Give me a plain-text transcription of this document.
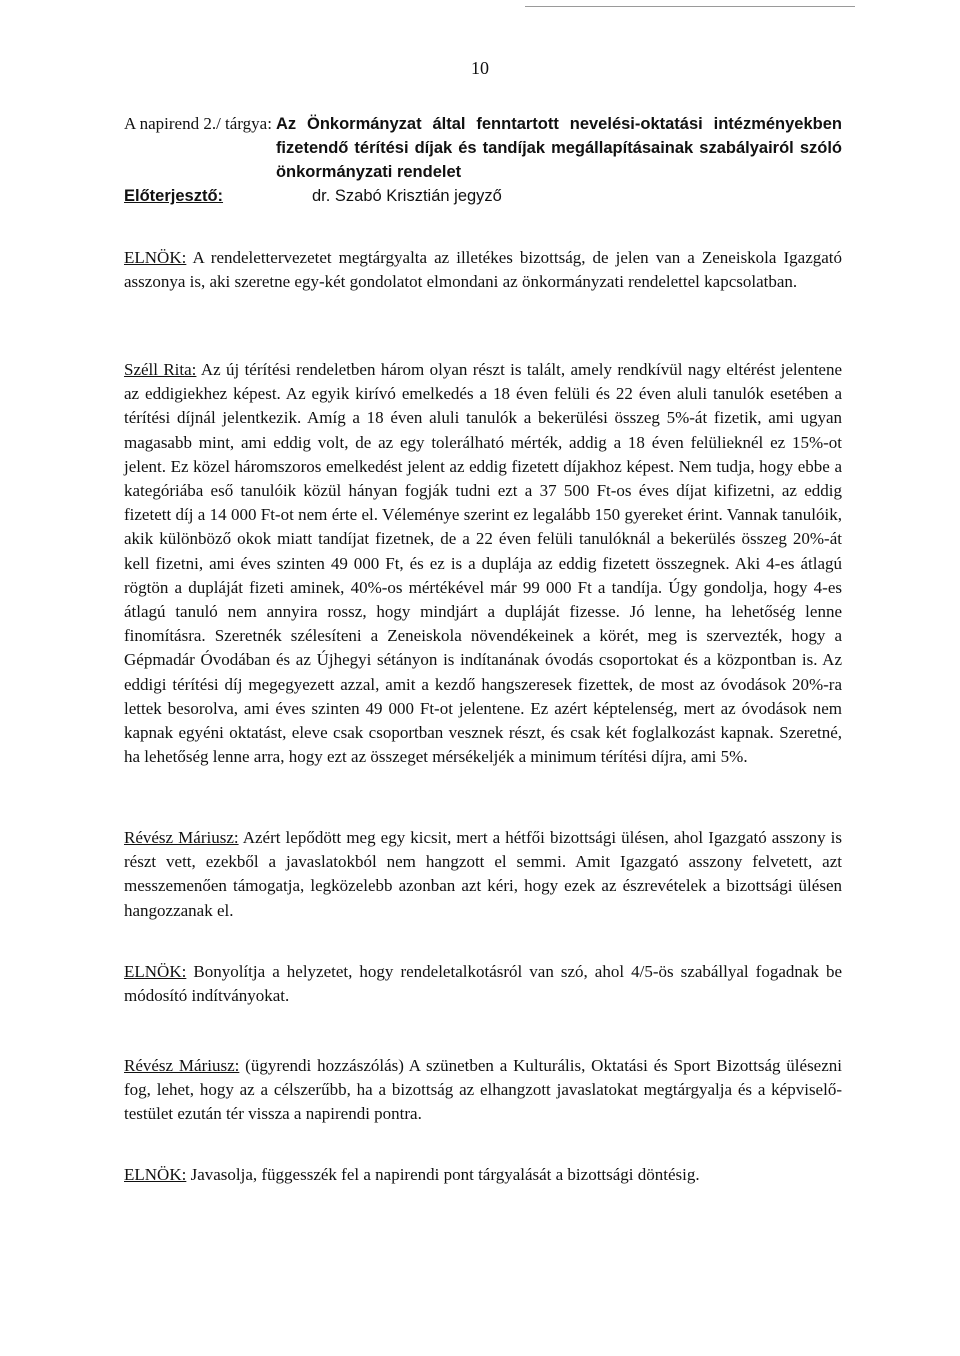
10
A napirend 2./ tárgya: Az Önkormányzat által fenntartott nevelési-oktatási intézményekben fizetendő térítési díjak és tandíjak megállapításainak szabályairól szóló önkormányzati rendelet
Előterjesztő:	dr. Szabó Krisztián jegyző
ELNÖK: A rendelettervezetet megtárgyalta az illetékes bizottság, de jelen van a Zeneiskola Igazgató asszonya is, aki szeretne egy-két gondolatot elmondani az önkormányzati rendelettel kapcsolatban.
Széll Rita: Az új térítési rendeletben három olyan részt is talált, amely rendkívül nagy eltérést jelentene az eddigiekhez képest. Az egyik kirívó emelkedés a 18 éven felüli és 22 éven aluli tanulók esetében a térítési díjnál jelentkezik. Amíg a 18 éven aluli tanulók a bekerülési összeg 5%-át fizetik, ami ugyan magasabb mint, ami eddig volt, de az egy tolerálható mérték, addig a 18 éven felülieknél ez 15%-ot jelent. Ez közel háromszoros emelkedést jelent az eddig fizetett díjakhoz képest. Nem tudja, hogy ebbe a kategóriába eső tanulóik közül hányan fogják tudni ezt a 37 500 Ft-os éves díjat kifizetni, az eddig fizetett díj a 14 000 Ft-ot nem érte el. Véleménye szerint ez legalább 150 gyereket érint. Vannak tanulóik, akik különböző okok miatt tandíjat fizetnek, de a 22 éven felüli tanulóknál a bekerülés összeg 20%-át kell fizetni, ami éves szinten 49 000 Ft, és ez is a duplája az eddig fizetett összegnek. Aki 4-es átlagú rögtön a dupláját fizeti aminek, 40%-os mértékével már 99 000 Ft a tandíja. Úgy gondolja, hogy 4-es átlagú tanuló nem annyira rossz, hogy mindjárt a dupláját fizesse. Jó lenne, ha lehetőség lenne finomításra. Szeretnék szélesíteni a Zeneiskola növendékeinek a körét, meg is szervezték, hogy a Gépmadár Óvodában és az Újhegyi sétányon is indítanának óvodás csoportokat és a központban is. Az eddigi térítési díj megegyezett azzal, amit a kezdő hangszeresek fizettek, de most az óvodások 20%-ra lettek besorolva, ami éves szinten 49 000 Ft-ot jelentene. Ez azért képtelenség, mert az óvodások nem kapnak egyéni oktatást, eleve csak csoportban vesznek részt, és csak két foglalkozást kapnak. Szeretné, ha lehetőség lenne arra, hogy ezt az összeget mérsékeljék a minimum térítési díjra, ami 5%.
Révész Máriusz: Azért lepődött meg egy kicsit, mert a hétfői bizottsági ülésen, ahol Igazgató asszony is részt vett, ezekből a javaslatokból nem hangzott el semmi. Amit Igazgató asszony felvetett, azt messzemenően támogatja, legközelebb azonban azt kéri, hogy ezek az észrevételek a bizottsági ülésen hangozzanak el.
ELNÖK: Bonyolítja a helyzetet, hogy rendeletalkotásról van szó, ahol 4/5-ös szabállyal fogadnak be módosító indítványokat.
Révész Máriusz: (ügyrendi hozzászólás) A szünetben a Kulturális, Oktatási és Sport Bizottság ülésezni fog, lehet, hogy az a célszerűbb, ha a bizottság az elhangzott javaslatokat megtárgyalja és a képviselő-testület ezután tér vissza a napirendi pontra.
ELNÖK: Javasolja, függesszék fel a napirendi pont tárgyalását a bizottsági döntésig.
